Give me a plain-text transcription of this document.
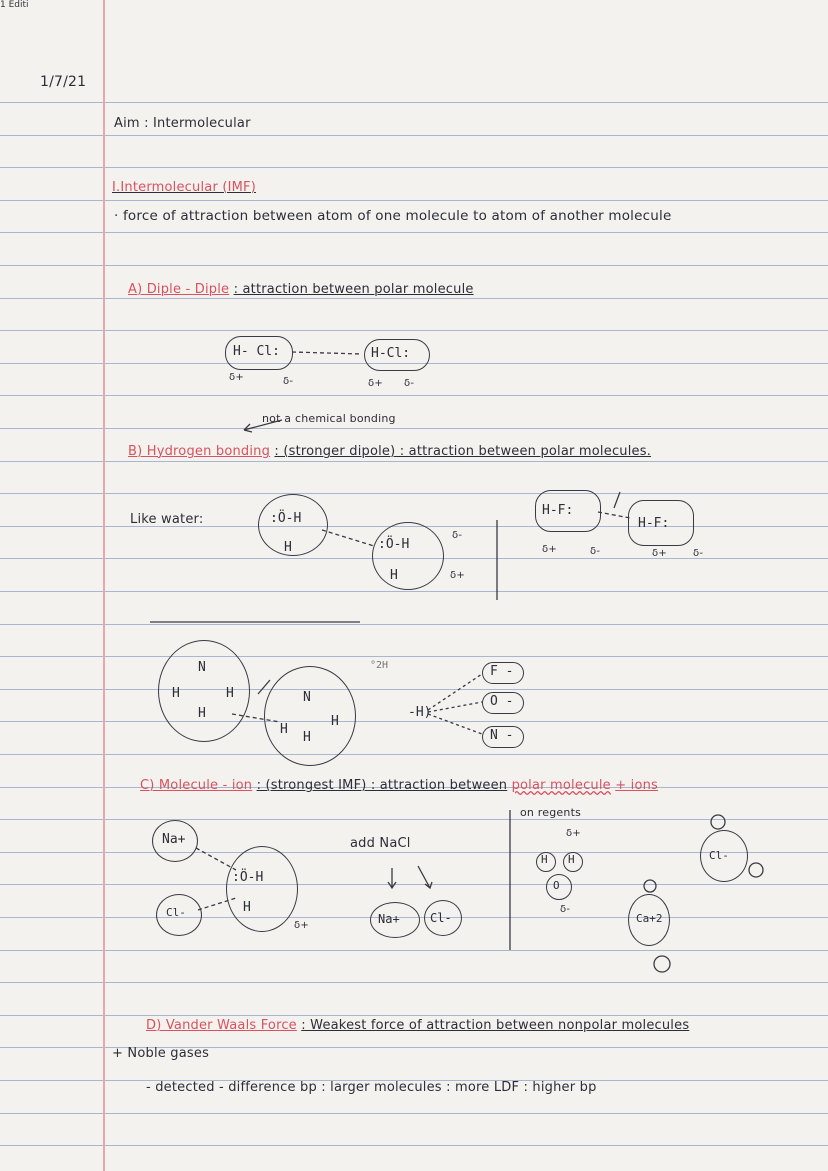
1 Editi
1/7/21
Aim : Intermolecular
I.Intermolecular (IMF)
· force of attraction between atom of one molecule to atom of another molecule
A) Diple - Diple : attraction between polar molecule
H- Cl:	H-Cl:
δ+	δ-	δ+ δ-
not a chemical bonding
B) Hydrogen bonding : (stronger dipole) : attraction between polar molecules.
Like water:	:Ö-H
H	:Ö-H
H
δ-
δ+
H-F:
H-F:
δ+	δ-	δ+	δ-
N
H	H
H
N
H
H
H
°2H
-H)
F -
O -
N -
C) Molecule - ion : (strongest IMF) : attraction between polar molecule + ions
on regents
Na+
Cl-
:Ö-H
H
δ+
add NaCl
Na+	Cl-
δ+
H H
O
δ-
Cl-
Ca+2
D) Vander Waals Force : Weakest force of attraction between nonpolar molecules
+ Noble gases
- detected - difference bp : larger molecules : more LDF : higher bp
